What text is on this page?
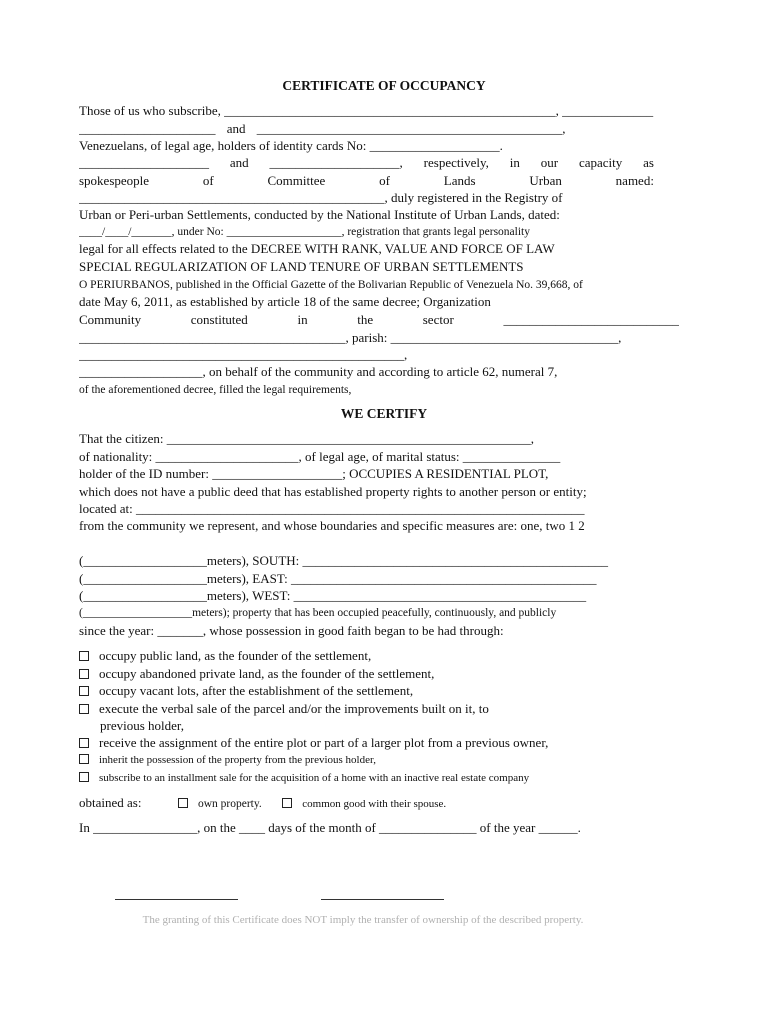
CERTIFICATE OF OCCUPANCY
Those of us who subscribe, ___________________________________________________, ______________
_____________________ and _______________________________________________,
Venezuelans, of legal age, holders of identity cards No: ____________________.
____________________ and ____________________, respectively, in our capacity as
spokespeople	of	Committee	of	Lands	Urban	named:
_______________________________________________, duly registered in the Registry of
Urban or Peri-urban Settlements, conducted by the National Institute of Urban Lands, dated:
____/____/_______, under No: ____________________, registration that grants legal personality
legal for all effects related to the DECREE WITH RANK, VALUE AND FORCE OF LAW
SPECIAL REGULARIZATION OF LAND TENURE OF URBAN SETTLEMENTS
O PERIURBANOS, published in the Official Gazette of the Bolivarian Republic of Venezuela No. 39,668, of
date May 6, 2011, as established by article 18 of the same decree; Organization
Community	constituted	in	the	sector	___________________________
_________________________________________, parish: ___________________________________,
__________________________________________________,
___________________, on behalf of the community and according to article 62, numeral 7,
of the aforementioned decree, filled the legal requirements,
WE CERTIFY
That the citizen: ________________________________________________________,
of nationality: ______________________, of legal age, of marital status: _______________
holder of the ID number: ____________________; OCCUPIES A RESIDENTIAL PLOT,
which does not have a public deed that has established property rights to another person or entity;
located at: _____________________________________________________________________
from the community we represent, and whose boundaries and specific measures are: one, two 1 2
(___________________meters), SOUTH: _______________________________________________
(___________________meters), EAST: _______________________________________________
(___________________meters), WEST: _____________________________________________
(___________________meters); property that has been occupied peacefully, continuously, and publicly
since the year: _______, whose possession in good faith began to be had through:
occupy public land, as the founder of the settlement,
occupy abandoned private land, as the founder of the settlement,
occupy vacant lots, after the establishment of the settlement,
execute the verbal sale of the parcel and/or the improvements built on it, to
previous holder,
receive the assignment of the entire plot or part of a larger plot from a previous owner,
inherit the possession of the property from the previous holder,
subscribe to an installment sale for the acquisition of a home with an inactive real estate company
obtained as:	own property.	common good with their spouse.
In ________________, on the ____ days of the month of _______________ of the year ______.
The granting of this Certificate does NOT imply the transfer of ownership of the described property.
